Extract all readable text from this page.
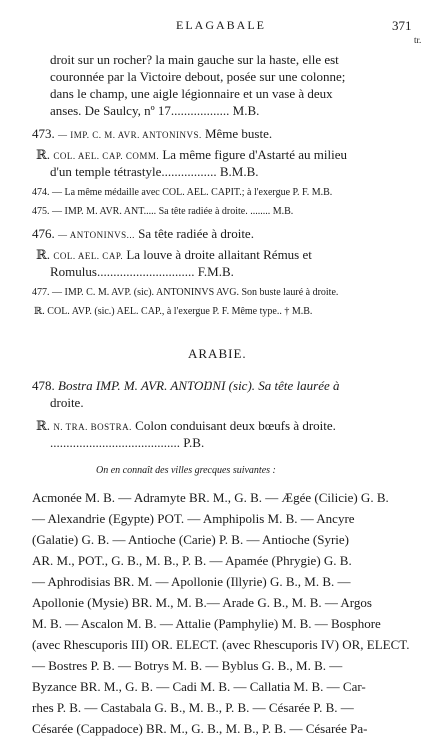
ELAGABALE	371
tr.
droit sur un rocher? la main gauche sur la haste, elle est
couronnée par la Victoire debout, posée sur une colonne;
dans le champ, une aigle légionnaire et un vase à deux
anses. De Saulcy, nº 17.................. M.B.
473. — IMP. C. M. AVR. ANTONINVS. Même buste.
ℝ. COL. AEL. CAP. COMM. La même figure d'Astarté au milieu
d'un temple tétrastyle................. B.M.B.
474. — La même médaille avec COL. AEL. CAPIT.; à l'exergue P. F. M.B.
475. — IMP. M. AVR. ANT..... Sa tête radiée à droite. ........ M.B.
476. — ANTONINVS... Sa tête radiée à droite.
ℝ. COL. AEL. CAP. La louve à droite allaitant Rémus et
Romulus.............................. F.M.B.
477. — IMP. C. M. AVP. (sic). ANTONINVS AVG. Son buste lauré à droite.
ℝ. COL. AVP. (sic.) AEL. CAP., à l'exergue P. F. Même type.. † M.B.
ARABIE.
478. Bostra IMP. M. AVR. ANTOŊNI (sic). Sa tête laurée à
droite.
ℝ. N. TRA. BOSTRA. Colon conduisant deux bœufs à droite.
........................................ P.B.
On en connaît des villes grecques suivantes :
Acmonée M. B. — Adramyte BR. M., G. B. — Ægée (Cilicie) G. B.
— Alexandrie (Egypte) POT. — Amphipolis M. B. — Ancyre
(Galatie) G. B. — Antioche (Carie) P. B. — Antioche (Syrie)
AR. M., POT., G. B., M. B., P. B. — Apamée (Phrygie) G. B.
— Aphrodisias BR. M. — Apollonie (Illyrie) G. B., M. B. —
Apollonie (Mysie) BR. M., M. B.— Arade G. B., M. B. — Argos
M. B. — Ascalon M. B. — Attalie (Pamphylie) M. B. — Bosphore
(avec Rhescuporis III) OR. ELECT. (avec Rhescuporis IV) OR, ELECT.
— Bostres P. B. — Botrys M. B. — Byblus G. B., M. B. —
Byzance BR. M., G. B. — Cadi M. B. — Callatia M. B. — Car-
rhes P. B. — Castabala G. B., M. B., P. B. — Césarée P. B. —
Césarée (Cappadoce) BR. M., G. B., M. B., P. B. — Césarée Pa-
